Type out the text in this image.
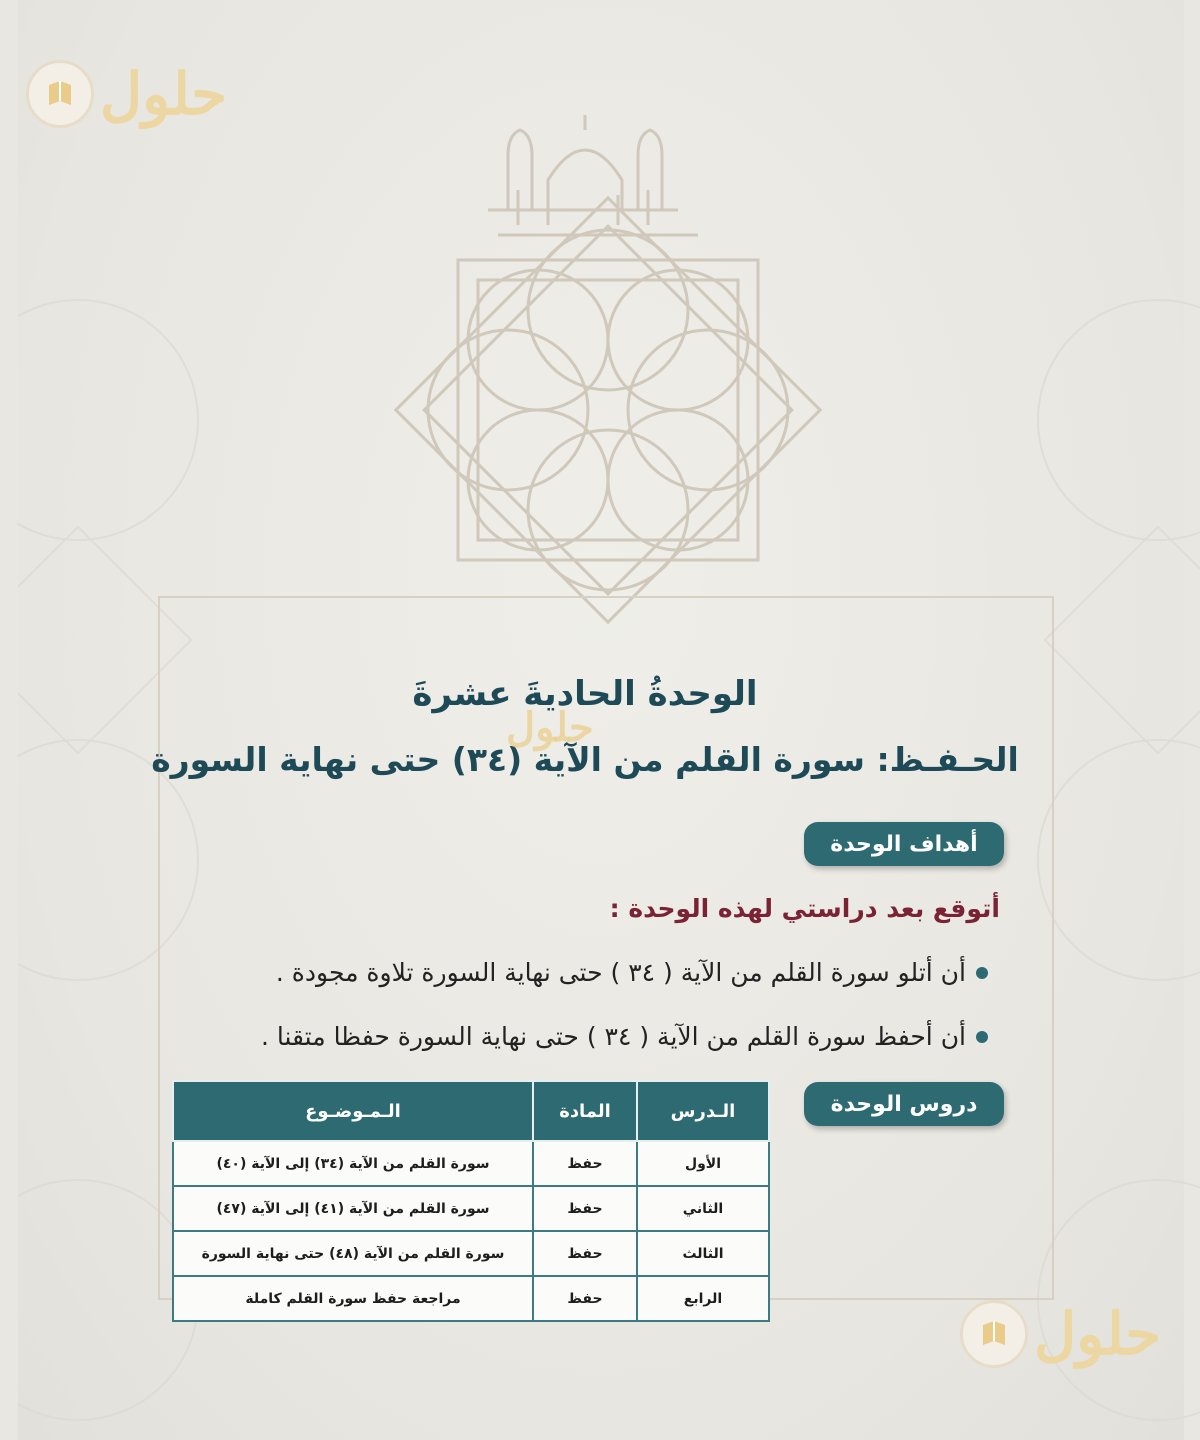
حلول
حلول
الوحدةُ الحاديةَ عشرةَ
الحـفـظ: سورة القلم من الآية (٣٤) حتى نهاية السورة
حلول
أهداف الوحدة
أتوقع بعد دراستي لهذه الوحدة :
أن أتلو سورة القلم من الآية ( ٣٤ ) حتى نهاية السورة تلاوة مجودة .
أن أحفظ سورة القلم من الآية ( ٣٤ ) حتى نهاية السورة حفظا متقنا .
دروس الوحدة
الـدرس	المادة	الـمـوضـوع
الأول	حفظ	سورة القلم من الآية (٣٤) إلى الآية (٤٠)
الثاني	حفظ	سورة القلم من الآية (٤١) إلى الآية (٤٧)
الثالث	حفظ	سورة القلم من الآية (٤٨) حتى نهاية السورة
الرابع	حفظ	مراجعة حفظ سورة القلم كاملة
